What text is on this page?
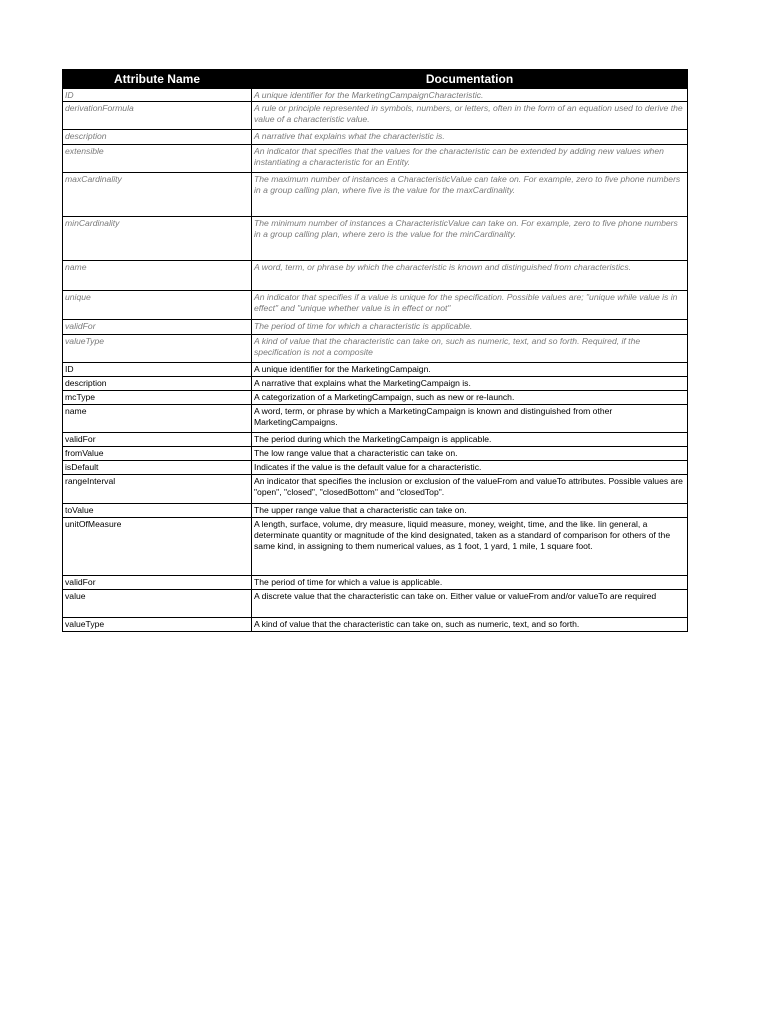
Attribute Name	Documentation
ID	A unique identifier for the MarketingCampaignCharacteristic.
derivationFormula	A rule or principle represented in symbols, numbers, or letters, often in the form of an equation used to derive the value of a characteristic value.
description	A narrative that explains what the characteristic is.
extensible	An indicator that specifies that the values for the characteristic can be extended by adding new values when instantiating a characteristic for an Entity.
maxCardinality	The maximum number of instances a CharacteristicValue can take on. For example, zero to five phone numbers in a group calling plan, where five is the value for the maxCardinality.
minCardinality	The minimum number of instances a CharacteristicValue can take on. For example, zero to five phone numbers in a group calling plan, where zero is the value for the minCardinality.
name	A word, term, or phrase by which the characteristic is known and distinguished from characteristics.
unique	An indicator that specifies if a value is unique for the specification. Possible values are; "unique while value is in effect" and "unique whether value is in effect or not"
validFor	The period of time for which a characteristic is applicable.
valueType	A kind of value that the characteristic can take on, such as numeric, text, and so forth. Required, if the specification is not a composite
ID	A unique identifier for the MarketingCampaign.
description	A narrative that explains what the MarketingCampaign is.
mcType	A categorization of a MarketingCampaign, such as new or re-launch.
name	A word, term, or phrase by which a MarketingCampaign is known and distinguished from other MarketingCampaigns.
validFor	The period during which the MarketingCampaign is applicable.
fromValue	The low range value that a characteristic can take on.
isDefault	Indicates if the value is the default value for a characteristic.
rangeInterval	An indicator that specifies the inclusion or exclusion of the valueFrom and valueTo attributes. Possible values are "open", "closed", "closedBottom" and "closedTop".
toValue	The upper range value that a characteristic can take on.
unitOfMeasure	A length, surface, volume, dry measure, liquid measure, money, weight, time, and the like. Iin general, a determinate quantity or magnitude of the kind designated, taken as a standard of comparison for others of the same kind, in assigning to them numerical values, as 1 foot, 1 yard, 1 mile, 1 square foot.
validFor	The period of time for which a value is applicable.
value	A discrete value that the characteristic can take on. Either value or valueFrom and/or valueTo are required
valueType	A kind of value that the characteristic can take on, such as numeric, text, and so forth.
